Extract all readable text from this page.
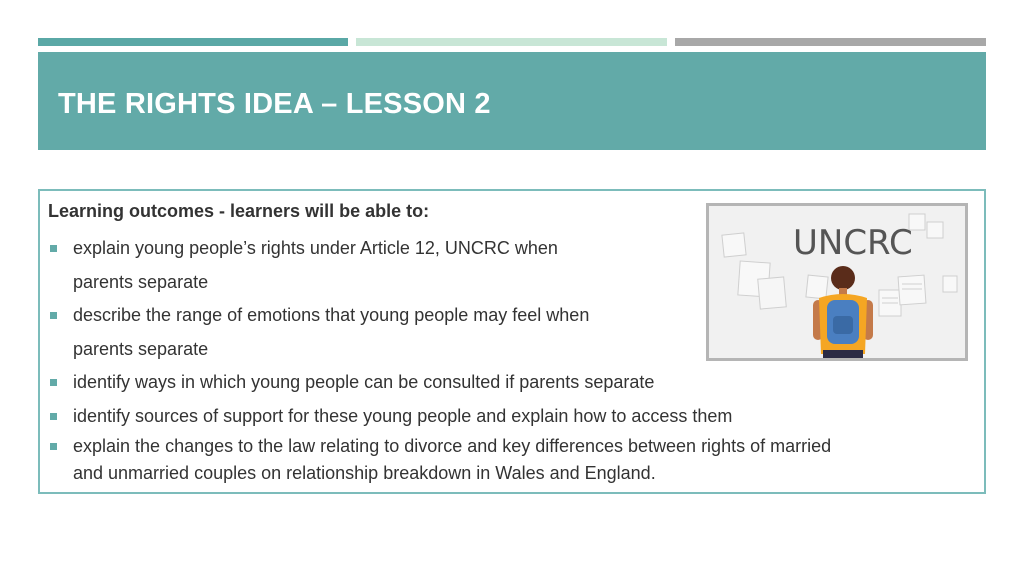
THE RIGHTS IDEA – LESSON 2

Learning outcomes - learners will be able to:

explain young people’s rights under Article 12, UNCRC when
parents separate
describe the range of emotions that young people may feel when
parents separate
identify ways in which young people can be consulted if parents separate
identify sources of support for these young people and explain how to access them
explain the changes to the law relating to divorce and key differences between rights of married
and unmarried couples on relationship breakdown in Wales and England.
UNCRC
